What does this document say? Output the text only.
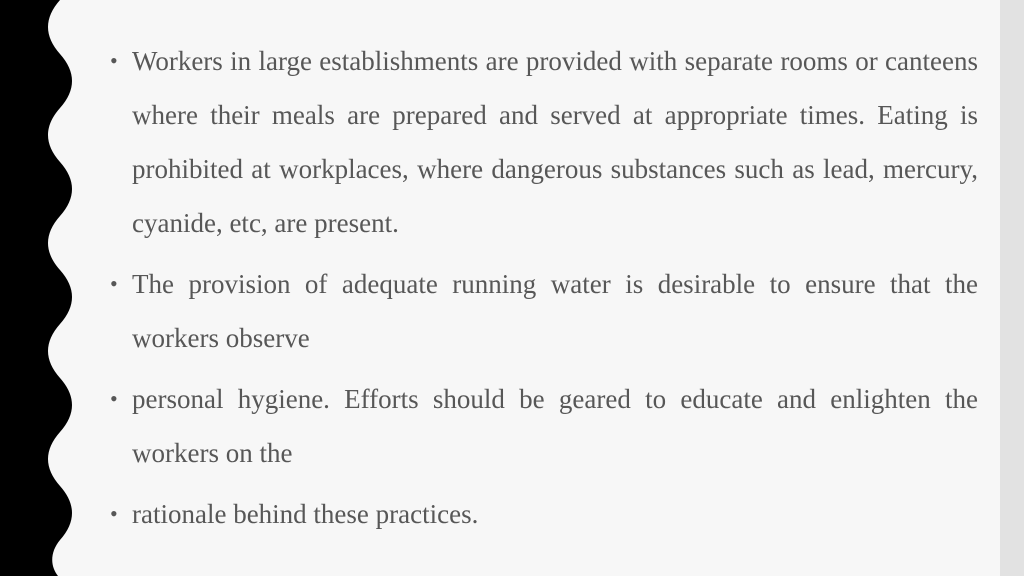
• Workers in large establishments are provided with separate rooms or canteens where their meals are prepared and served at appropriate times. Eating is prohibited at workplaces, where dangerous substances such as lead, mercury, cyanide, etc, are present.
• The provision of adequate running water is desirable to ensure that the workers observe
• personal hygiene. Efforts should be geared to educate and enlighten the workers on the
• rationale behind these practices.
